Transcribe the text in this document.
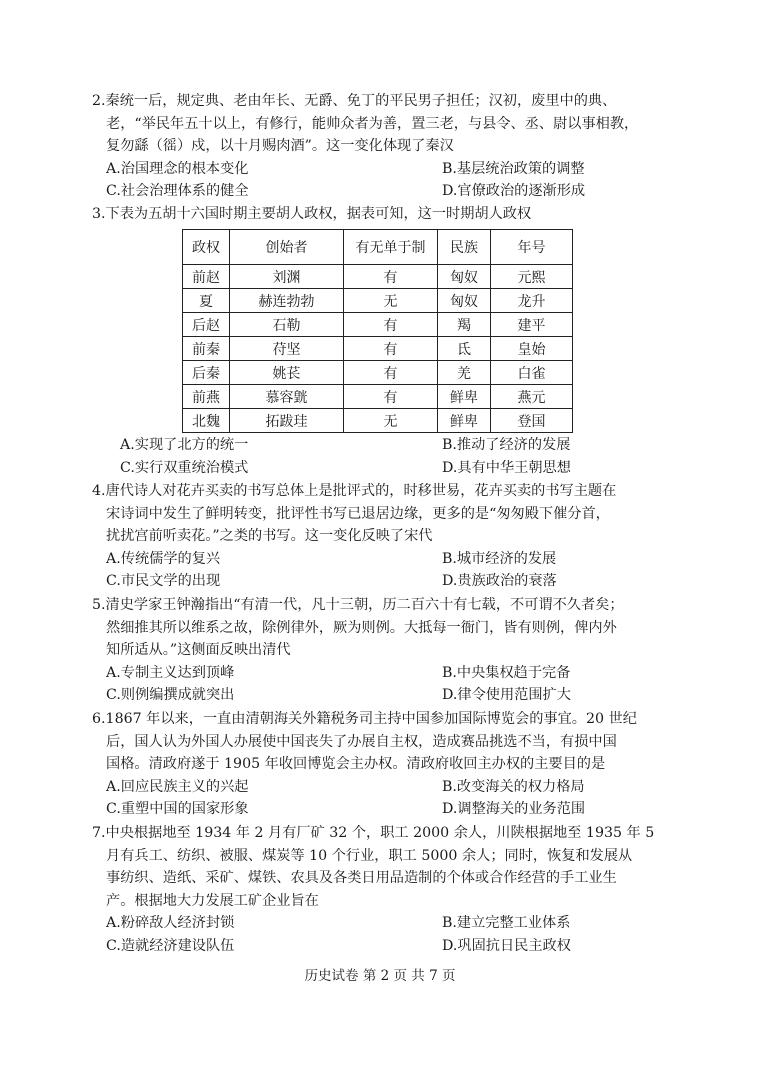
2.秦统一后，规定典、老由年长、无爵、免丁的平民男子担任；汉初，废里中的典、
老，“举民年五十以上，有修行，能帅众者为善，置三老，与县令、丞、尉以事相教，
复勿繇（徭）戍，以十月赐肉酒”。这一变化体现了秦汉
A.治国理念的根本变化	B.基层统治政策的调整
C.社会治理体系的健全	D.官僚政治的逐渐形成
3.下表为五胡十六国时期主要胡人政权，据表可知，这一时期胡人政权
政权	创始者	有无单于制	民族	年号
前赵	刘渊	有	匈奴	元熙
夏	赫连勃勃	无	匈奴	龙升
后赵	石勒	有	羯	建平
前秦	苻坚	有	氐	皇始
后秦	姚苌	有	羌	白雀
前燕	慕容皝	有	鲜卑	燕元
北魏	拓跋珪	无	鲜卑	登国
A.实现了北方的统一	B.推动了经济的发展
C.实行双重统治模式	D.具有中华王朝思想
4.唐代诗人对花卉买卖的书写总体上是批评式的，时移世易，花卉买卖的书写主题在
宋诗词中发生了鲜明转变，批评性书写已退居边缘，更多的是“匆匆殿下催分首，
扰扰宫前听卖花。”之类的书写。这一变化反映了宋代
A.传统儒学的复兴	B.城市经济的发展
C.市民文学的出现	D.贵族政治的衰落
5.清史学家王钟瀚指出“有清一代，凡十三朝，历二百六十有七载，不可谓不久者矣；
然细推其所以维系之故，除例律外，厥为则例。大抵每一衙门，皆有则例，俾内外
知所适从。”这侧面反映出清代
A.专制主义达到顶峰	B.中央集权趋于完备
C.则例编撰成就突出	D.律令使用范围扩大
6.1867 年以来，一直由清朝海关外籍税务司主持中国参加国际博览会的事宜。20 世纪
后，国人认为外国人办展使中国丧失了办展自主权，造成赛品挑选不当，有损中国
国格。清政府遂于 1905 年收回博览会主办权。清政府收回主办权的主要目的是
A.回应民族主义的兴起	B.改变海关的权力格局
C.重塑中国的国家形象	D.调整海关的业务范围
7.中央根据地至 1934 年 2 月有厂矿 32 个，职工 2000 余人，川陕根据地至 1935 年 5
月有兵工、纺织、被服、煤炭等 10 个行业，职工 5000 余人；同时，恢复和发展从
事纺织、造纸、采矿、煤铁、农具及各类日用品造制的个体或合作经营的手工业生
产。根据地大力发展工矿企业旨在
A.粉碎敌人经济封锁	B.建立完整工业体系
C.造就经济建设队伍	D.巩固抗日民主政权
历史试卷 第 2 页 共 7 页
